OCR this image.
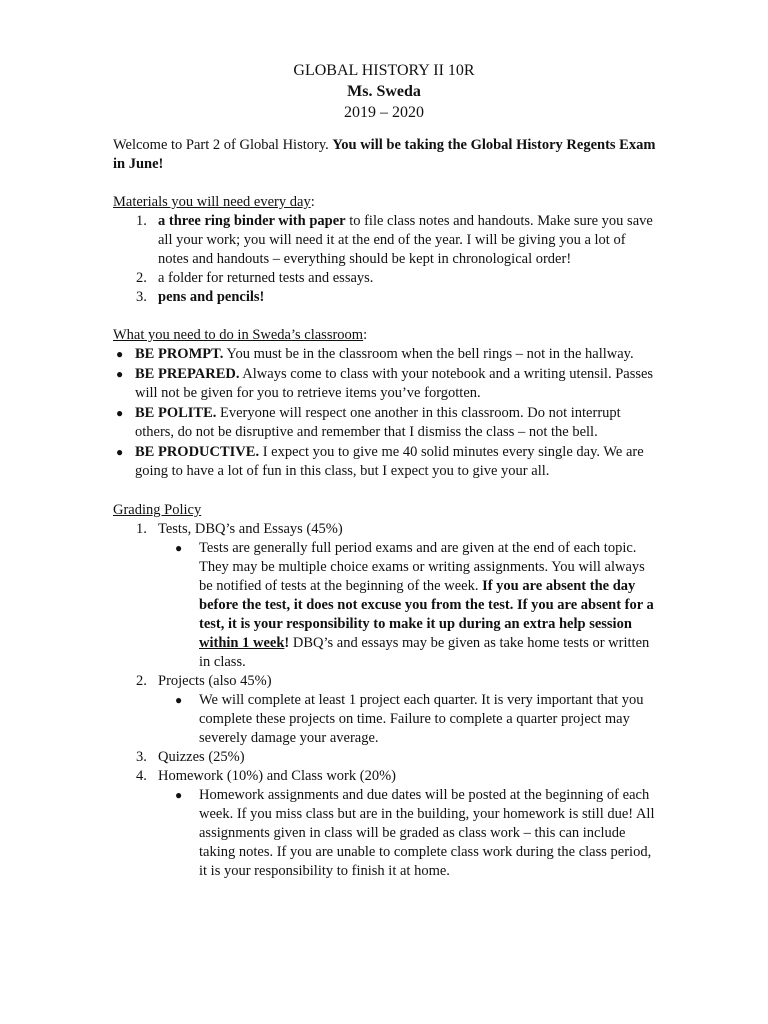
GLOBAL HISTORY II 10R
Ms. Sweda
2019 – 2020

Welcome to Part 2 of Global History. You will be taking the Global History Regents Exam in June!

Materials you will need every day:

1. a three ring binder with paper to file class notes and handouts. Make sure you save all your work; you will need it at the end of the year. I will be giving you a lot of notes and handouts – everything should be kept in chronological order!
2. a folder for returned tests and essays.
3. pens and pencils!

What you need to do in Sweda’s classroom:

● BE PROMPT. You must be in the classroom when the bell rings – not in the hallway.
● BE PREPARED. Always come to class with your notebook and a writing utensil. Passes will not be given for you to retrieve items you’ve forgotten.
● BE POLITE. Everyone will respect one another in this classroom. Do not interrupt others, do not be disruptive and remember that I dismiss the class – not the bell.
● BE PRODUCTIVE. I expect you to give me 40 solid minutes every single day. We are going to have a lot of fun in this class, but I expect you to give your all.

Grading Policy

1. Tests, DBQ’s and Essays (45%)
●	Tests are generally full period exams and are given at the end of each topic. They may be multiple choice exams or writing assignments. You will always be notified of tests at the beginning of the week. If you are absent the day before the test, it does not excuse you from the test. If you are absent for a test, it is your responsibility to make it up during an extra help session within 1 week! DBQ’s and essays may be given as take home tests or written in class.
2. Projects (also 45%)
●	We will complete at least 1 project each quarter. It is very important that you complete these projects on time. Failure to complete a quarter project may severely damage your average.
3. Quizzes (25%)
4. Homework (10%) and Class work (20%)
●	Homework assignments and due dates will be posted at the beginning of each week. If you miss class but are in the building, your homework is still due! All assignments given in class will be graded as class work – this can include taking notes. If you are unable to complete class work during the class period, it is your responsibility to finish it at home.
